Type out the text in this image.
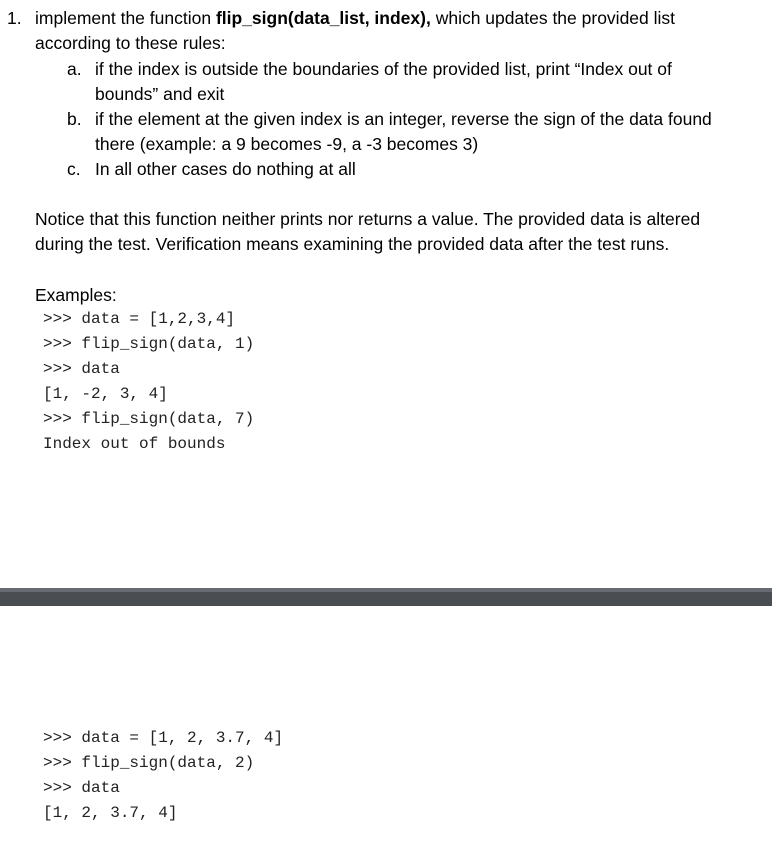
1. implement the function flip_sign(data_list, index), which updates the provided list
according to these rules:
a. if the index is outside the boundaries of the provided list, print “Index out of
bounds” and exit
b. if the element at the given index is an integer, reverse the sign of the data found
there (example: a 9 becomes -9, a -3 becomes 3)
c. In all other cases do nothing at all
Notice that this function neither prints nor returns a value. The provided data is altered
during the test. Verification means examining the provided data after the test runs.
Examples:
>>> data = [1,2,3,4]
>>> flip_sign(data, 1)
>>> data
[1, -2, 3, 4]
>>> flip_sign(data, 7)
Index out of bounds
>>> data = [1, 2, 3.7, 4]
>>> flip_sign(data, 2)
>>> data
[1, 2, 3.7, 4]
